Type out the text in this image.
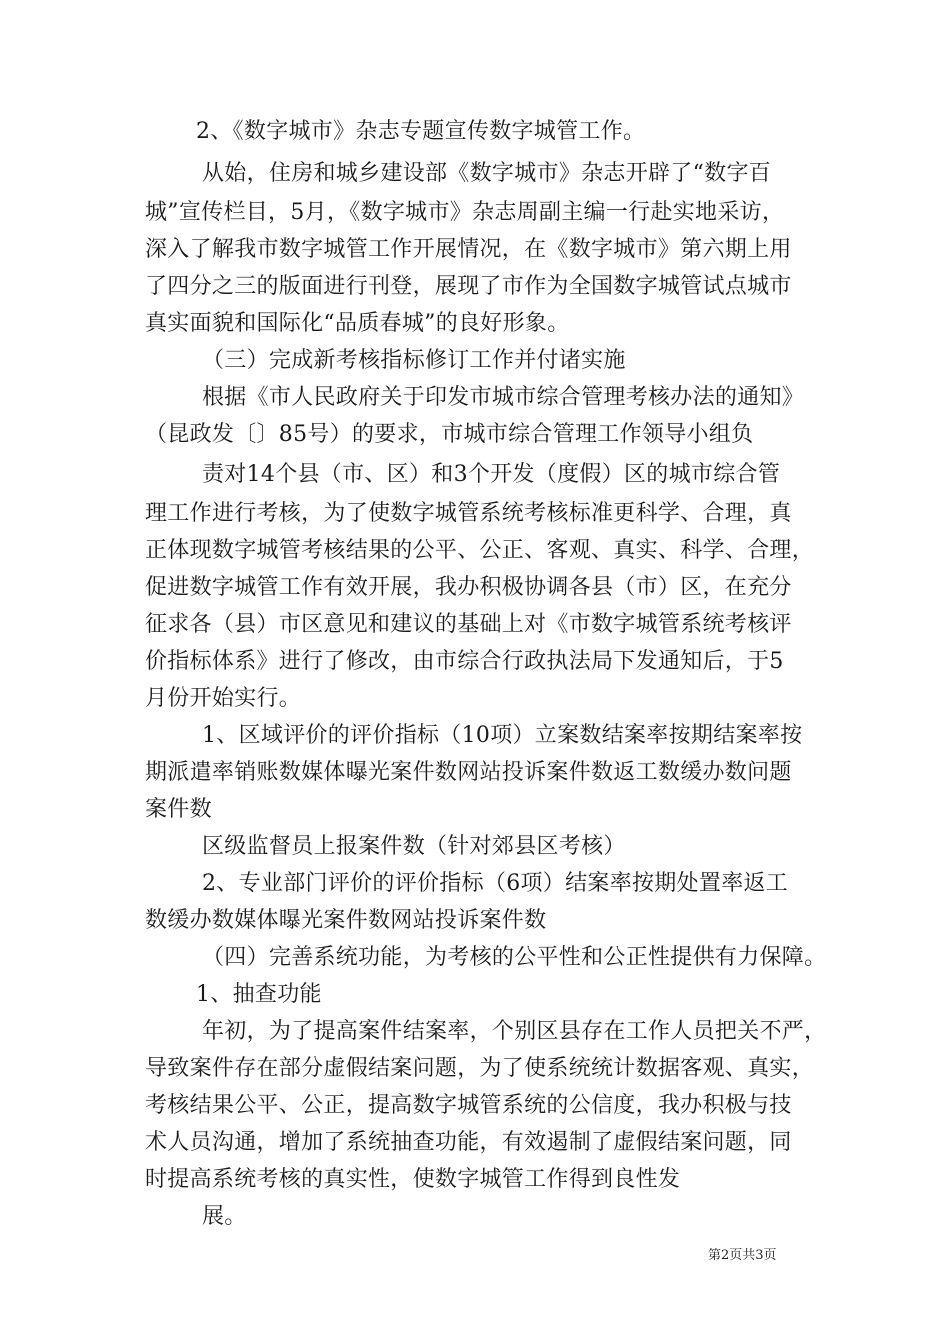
2、《数字城市》杂志专题宣传数字城管工作。
从始，住房和城乡建设部《数字城市》杂志开辟了“数字百
城”宣传栏目，5月，《数字城市》杂志周副主编一行赴实地采访，
深入了解我市数字城管工作开展情况，在《数字城市》第六期上用
了四分之三的版面进行刊登，展现了市作为全国数字城管试点城市
真实面貌和国际化“品质春城”的良好形象。
（三）完成新考核指标修订工作并付诸实施
根据《市人民政府关于印发市城市综合管理考核办法的通知》
（昆政发〔〕85号）的要求，市城市综合管理工作领导小组负
责对14个县（市、区）和3个开发（度假）区的城市综合管
理工作进行考核，为了使数字城管系统考核标准更科学、合理，真
正体现数字城管考核结果的公平、公正、客观、真实、科学、合理，
促进数字城管工作有效开展，我办积极协调各县（市）区，在充分
征求各（县）市区意见和建议的基础上对《市数字城管系统考核评
价指标体系》进行了修改，由市综合行政执法局下发通知后，于5
月份开始实行。
1、区域评价的评价指标（10项）立案数结案率按期结案率按
期派遣率销账数媒体曝光案件数网站投诉案件数返工数缓办数问题
案件数
区级监督员上报案件数（针对郊县区考核）
2、专业部门评价的评价指标（6项）结案率按期处置率返工
数缓办数媒体曝光案件数网站投诉案件数
（四）完善系统功能，为考核的公平性和公正性提供有力保障。
1、抽查功能
年初，为了提高案件结案率，个别区县存在工作人员把关不严，
导致案件存在部分虚假结案问题，为了使系统统计数据客观、真实，
考核结果公平、公正，提高数字城管系统的公信度，我办积极与技
术人员沟通，增加了系统抽查功能，有效遏制了虚假结案问题，同
时提高系统考核的真实性，使数字城管工作得到良性发
展。
第2页共3页
